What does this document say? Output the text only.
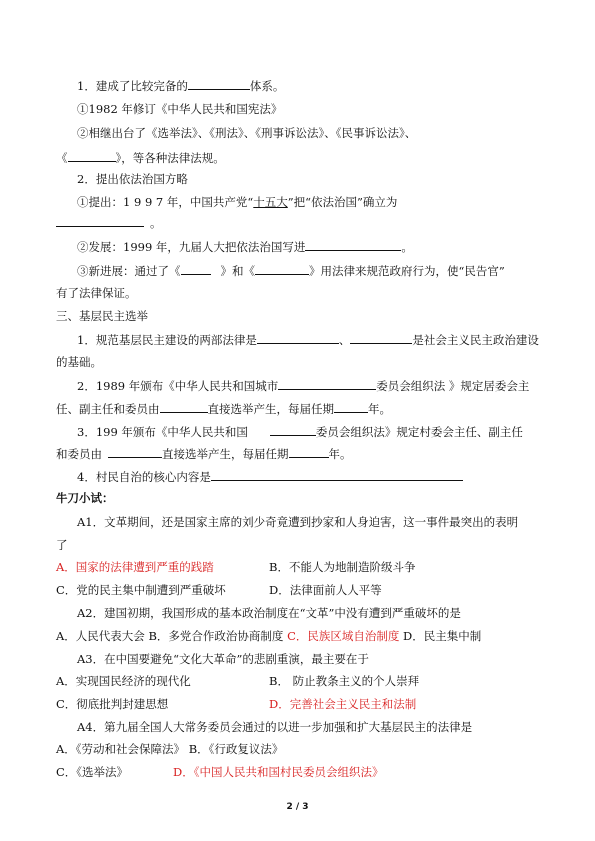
1．建成了比较完备的	体系。
①1982 年修订《中华人民共和国宪法》
②相继出台了《选举法》、《刑法》、《刑事诉讼法》、《民事诉讼法》、
《	》，等各种法律法规。
2．提出依法治国方略
①提出：1 9 9 7 年，中国共产党“十五大”把“依法治国”确立为
。
②发展：1999 年，九届人大把依法治国写进	。
③新进展：通过了《	》和《	》用法律来规范政府行为，使“民告官”
有了法律保证。
三、基层民主选举
1．规范基层民主建设的两部法律是	、	是社会主义民主政治建设
的基础。
2．1989 年颁布《中华人民共和国城市	委员会组织法 》规定居委会主
任、副主任和委员由	直接选举产生，每届任期	年。
3．199 年颁布《中华人民共和国	委员会组织法》规定村委会主任、副主任
和委员由	直接选举产生，每届任期	年。
4．村民自治的核心内容是
牛刀小试：
A1．文革期间，还是国家主席的刘少奇竟遭到抄家和人身迫害，这一事件最突出的表明
了
A．国家的法律遭到严重的践踏	B．不能人为地制造阶级斗争
C．党的民主集中制遭到严重破坏	D．法律面前人人平等
A2．建国初期，我国形成的基本政治制度在“文革”中没有遭到严重破坏的是
A．人民代表大会 B．多党合作政治协商制度 C．民族区域自治制度 D．民主集中制
A3．在中国要避免“文化大革命”的悲剧重演，最主要在于
A．实现国民经济的现代化	B． 防止教条主义的个人崇拜
C．彻底批判封建思想	D．完善社会主义民主和法制
A4．第九届全国人大常务委员会通过的以进一步加强和扩大基层民主的法律是
A．《劳动和社会保障法》 B．《行政复议法》
C．《选举法》	D．《中国人民共和国村民委员会组织法》
2 / 3
